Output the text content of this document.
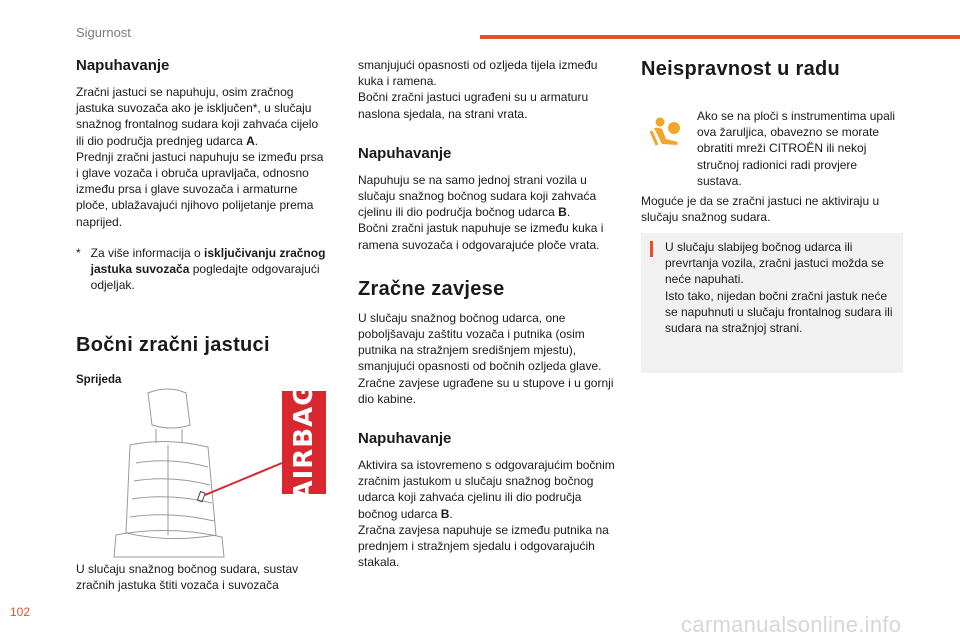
Sigurnost

Napuhavanje

Zračni jastuci se napuhuju, osim zračnog jastuka suvozača ako je isključen*, u slučaju snažnog frontalnog sudara koji zahvaća cijelo ili dio područja prednjeg udarca A.

Prednji zračni jastuci napuhuju se između prsa i glave vozača i obruča upravljača, odnosno između prsa i glave suvozača i armaturne ploče, ublažavajući njihovo polijetanje prema naprijed.

* Za više informacija o isključivanju zračnog jastuka suvozača pogledajte odgovarajući odjeljak.

Bočni zračni jastuci

Sprijeda

AIRBAG

U slučaju snažnog bočnog sudara, sustav zračnih jastuka štiti vozača i suvozača

smanjujući opasnosti od ozljeda tijela između kuka i ramena.

Bočni zračni jastuci ugrađeni su u armaturu naslona sjedala, na strani vrata.

Napuhavanje

Napuhuju se na samo jednoj strani vozila u slučaju snažnog bočnog sudara koji zahvaća cjelinu ili dio područja bočnog udarca B.

Bočni zračni jastuk napuhuje se između kuka i ramena suvozača i odgovarajuće ploče vrata.

Zračne zavjese

U slučaju snažnog bočnog udarca, one poboljšavaju zaštitu vozača i putnika (osim putnika na stražnjem središnjem mjestu), smanjujući opasnosti od bočnih ozljeda glave.

Zračne zavjese ugrađene su u stupove i u gornji dio kabine.

Napuhavanje

Aktivira sa istovremeno s odgovarajućim bočnim zračnim jastukom u slučaju snažnog bočnog udarca koji zahvaća cjelinu ili dio područja bočnog udarca B.

Zračna zavjesa napuhuje se između putnika na prednjem i stražnjem sjedalu i odgovarajućih stakala.

Neispravnost u radu

Ako se na ploči s instrumentima upali ova žaruljica, obavezno se morate obratiti mreži CITROËN ili nekoj stručnoj radionici radi provjere sustava.

Moguće je da se zračni jastuci ne aktiviraju u slučaju snažnog sudara.

U slučaju slabijeg bočnog udarca ili prevrtanja vozila, zračni jastuci možda se neće napuhati.

Isto tako, nijedan bočni zračni jastuk neće se napuhnuti u slučaju frontalnog sudara ili sudara na stražnjoj strani.

102	carmanualsonline.info
